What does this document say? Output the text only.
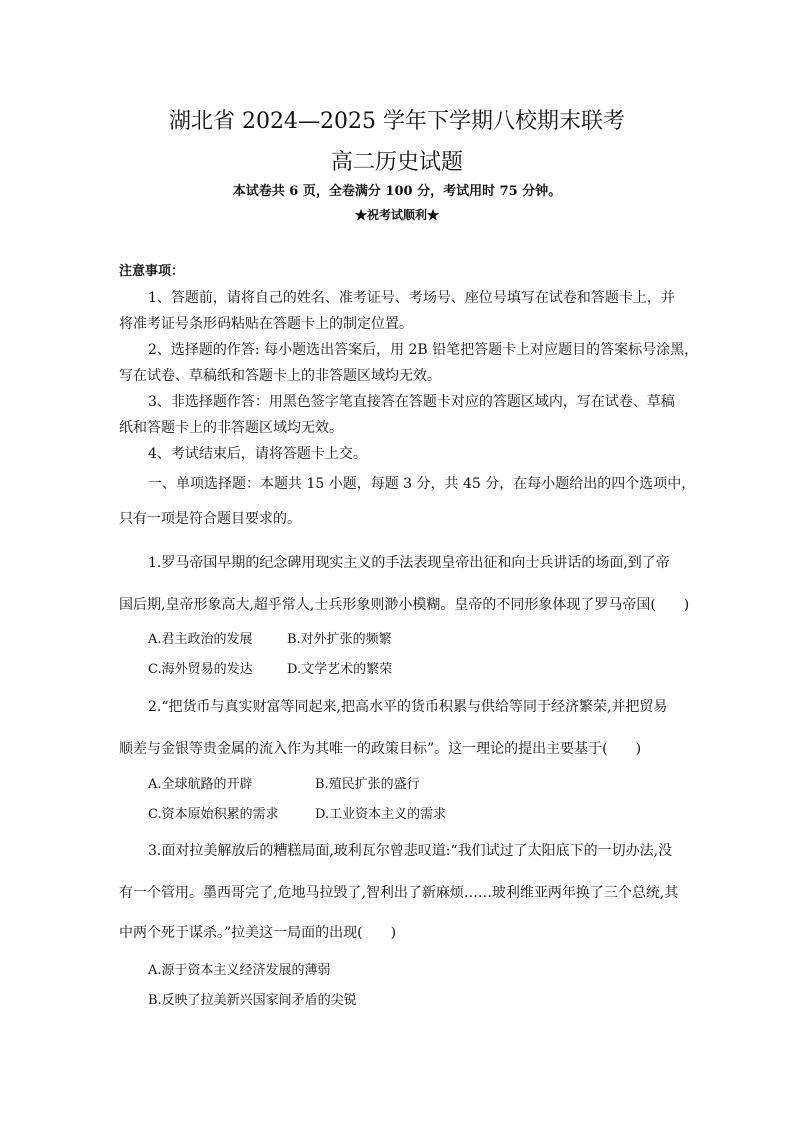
湖北省 2024—2025 学年下学期八校期末联考
高二历史试题
本试卷共 6 页，全卷满分 100 分，考试用时 75 分钟。
★祝考试顺利★
注意事项：
1、答题前，请将自己的姓名、准考证号、考场号、座位号填写在试卷和答题卡上，并
将准考证号条形码粘贴在答题卡上的制定位置。
2、选择题的作答: 每小题选出答案后，用 2B 铅笔把答题卡上对应题目的答案标号涂黑，
写在试卷、草稿纸和答题卡上的非答题区域均无效。
3、非选择题作答：用黑色签字笔直接答在答题卡对应的答题区域内，写在试卷、草稿
纸和答题卡上的非答题区域均无效。
4、考试结束后，请将答题卡上交。
一、单项选择题：本题共 15 小题，每题 3 分，共 45 分，在每小题给出的四个选项中，
只有一项是符合题目要求的。
1.罗马帝国早期的纪念碑用现实主义的手法表现皇帝出征和向士兵讲话的场面,到了帝
国后期,皇帝形象高大,超乎常人,士兵形象则渺小模糊。皇帝的不同形象体现了罗马帝国(　　)
A.君主政治的发展	B.对外扩张的频繁
C.海外贸易的发达	D.文学艺术的繁荣
2.“把货币与真实财富等同起来,把高水平的货币积累与供给等同于经济繁荣,并把贸易
顺差与金银等贵金属的流入作为其唯一的政策目标”。这一理论的提出主要基于(　　)
A.全球航路的开辟	B.殖民扩张的盛行
C.资本原始积累的需求	D.工业资本主义的需求
3.面对拉美解放后的糟糕局面,玻利瓦尔曾悲叹道:“我们试过了太阳底下的一切办法,没
有一个管用。墨西哥完了,危地马拉毁了,智利出了新麻烦……玻利维亚两年换了三个总统,其
中两个死于谋杀。”拉美这一局面的出现(　　)
A.源于资本主义经济发展的薄弱
B.反映了拉美新兴国家间矛盾的尖锐
